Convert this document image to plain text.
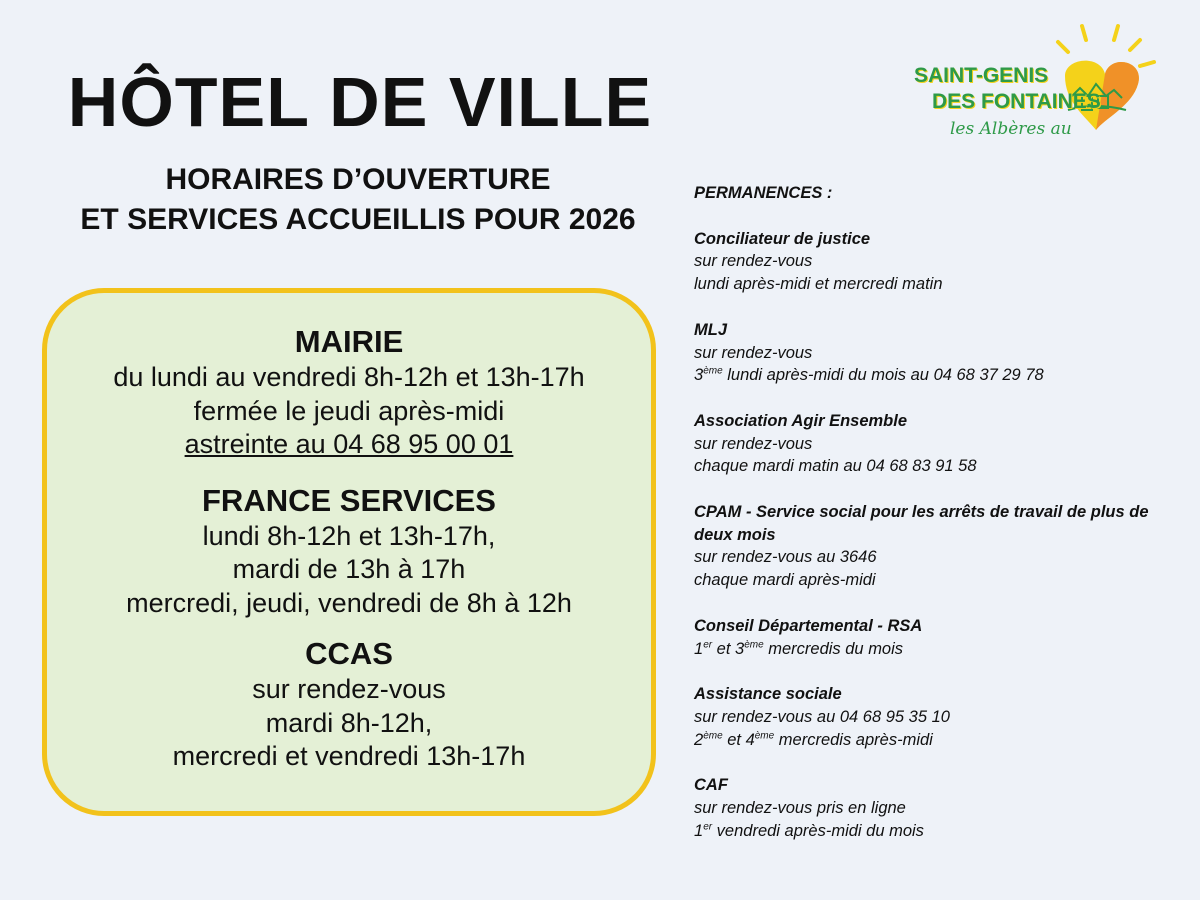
SAINT-GENIS
DES FONTAINES
les Albères au
HÔTEL DE VILLE
HORAIRES D’OUVERTURE
ET SERVICES ACCUEILLIS POUR 2026
MAIRIE
du lundi au vendredi 8h-12h et 13h-17h
fermée le jeudi après-midi
astreinte au 04 68 95 00 01
FRANCE SERVICES
lundi 8h-12h et 13h-17h,
mardi de 13h à 17h
mercredi, jeudi, vendredi de 8h à 12h
CCAS
sur rendez-vous
mardi 8h-12h,
mercredi et vendredi 13h-17h
PERMANENCES :
Conciliateur de justice
sur rendez-vous
lundi après-midi et mercredi matin
MLJ
sur rendez-vous
3ème lundi après-midi du mois au 04 68 37 29 78
Association Agir Ensemble
sur rendez-vous
chaque mardi matin au 04 68 83 91 58
CPAM - Service social pour les arrêts de travail de plus de deux mois
sur rendez-vous au 3646
chaque mardi après-midi
Conseil Départemental - RSA
1er et 3ème mercredis du mois
Assistance sociale
sur rendez-vous au 04 68 95 35 10
2ème et 4ème mercredis après-midi
CAF
sur rendez-vous pris en ligne
1er vendredi après-midi du mois
